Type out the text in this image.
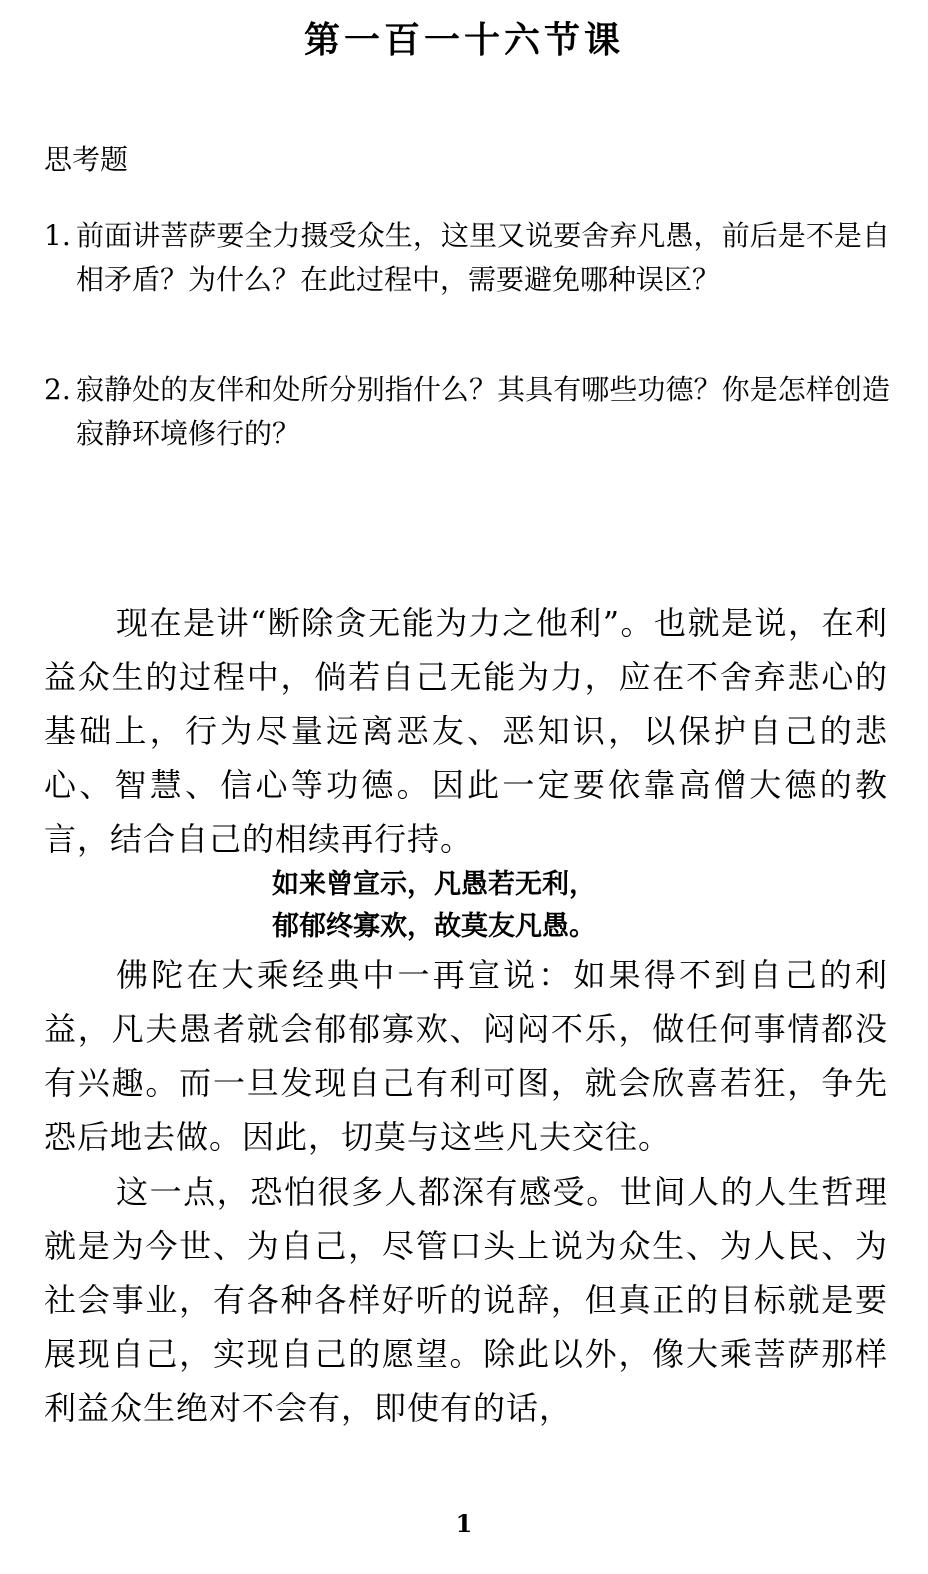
第一百一十六节课
思考题
1. 前面讲菩萨要全力摄受众生，这里又说要舍弃凡愚，前后是不是自相矛盾？为什么？在此过程中，需要避免哪种误区？
2. 寂静处的友伴和处所分别指什么？其具有哪些功德？你是怎样创造寂静环境修行的？

现在是讲“断除贪无能为力之他利”。也就是说，在利益众生的过程中，倘若自己无能为力，应在不舍弃悲心的基础上，行为尽量远离恶友、恶知识，以保护自己的悲心、智慧、信心等功德。因此一定要依靠高僧大德的教言，结合自己的相续再行持。

如来曾宣示，凡愚若无利，
郁郁终寡欢，故莫友凡愚。

佛陀在大乘经典中一再宣说：如果得不到自己的利益，凡夫愚者就会郁郁寡欢、闷闷不乐，做任何事情都没有兴趣。而一旦发现自己有利可图，就会欣喜若狂，争先恐后地去做。因此，切莫与这些凡夫交往。

这一点，恐怕很多人都深有感受。世间人的人生哲理就是为今世、为自己，尽管口头上说为众生、为人民、为社会事业，有各种各样好听的说辞，但真正的目标就是要展现自己，实现自己的愿望。除此以外，像大乘菩萨那样利益众生绝对不会有，即使有的话，

1
